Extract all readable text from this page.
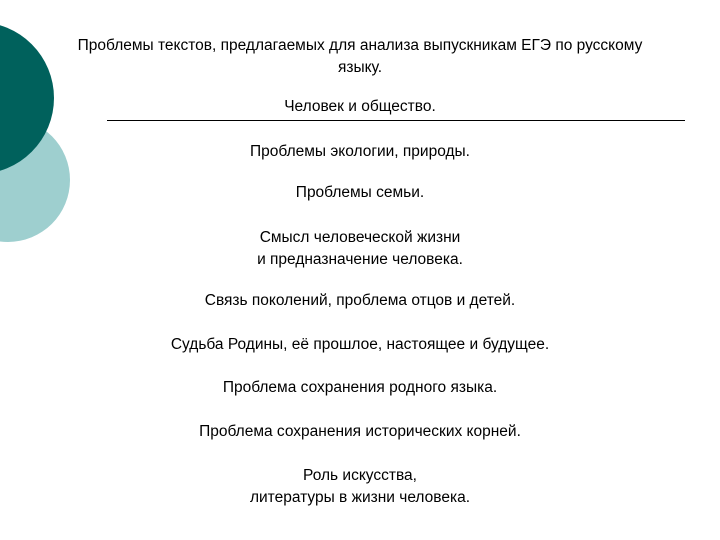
Проблемы текстов, предлагаемых для анализа выпускникам ЕГЭ по русскому
языку.
Человек и общество.
Проблемы экологии, природы.
Проблемы семьи.
Смысл человеческой жизни
и предназначение человека.
Связь поколений, проблема отцов и детей.
Судьба Родины, её прошлое, настоящее и будущее.
Проблема сохранения родного языка.
Проблема сохранения исторических корней.
Роль искусства,
литературы в жизни человека.
